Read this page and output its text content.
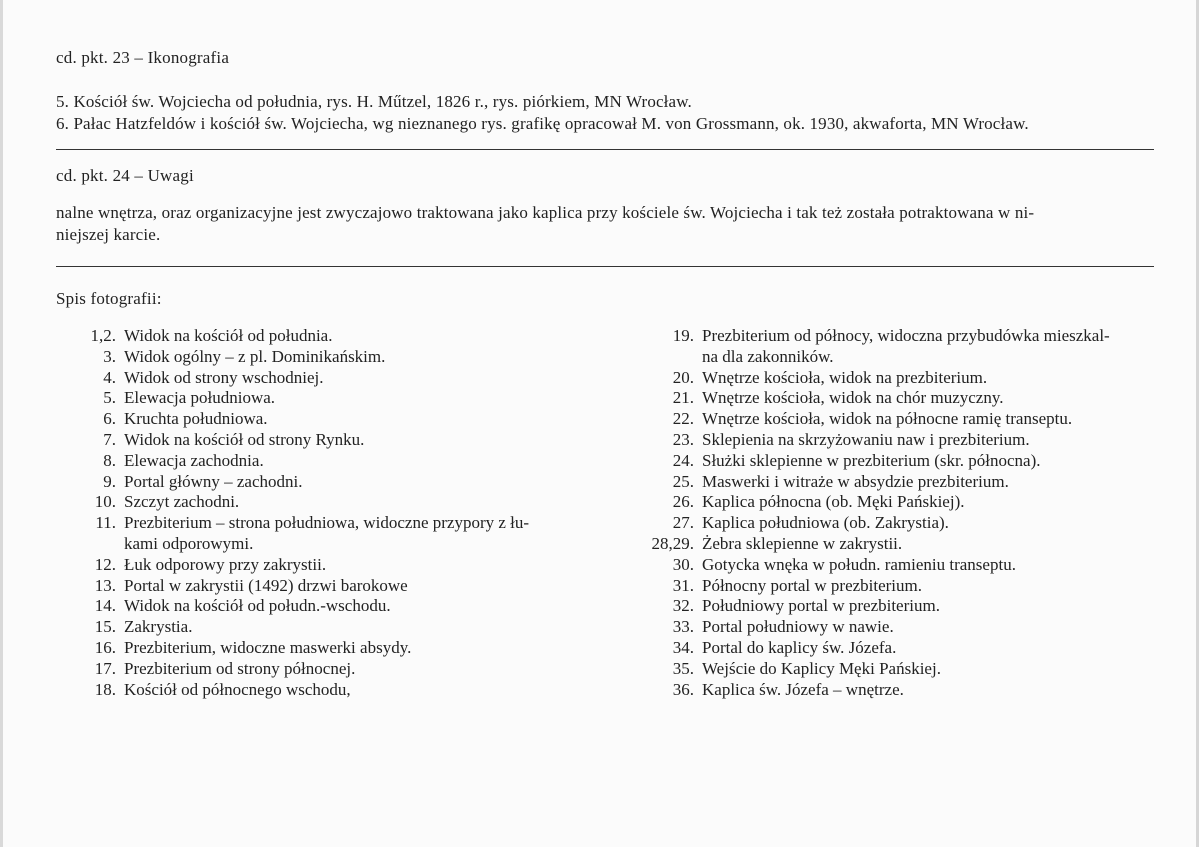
cd. pkt. 23 – Ikonografia
5. Kościół św. Wojciecha od południa, rys. H. Műtzel, 1826 r., rys. piórkiem, MN Wrocław.
6. Pałac Hatzfeldów i kościół św. Wojciecha, wg nieznanego rys. grafikę opracował M. von Grossmann, ok. 1930, akwaforta, MN Wrocław.
cd. pkt. 24 – Uwagi
nalne wnętrza, oraz organizacyjne jest zwyczajowo traktowana jako kaplica przy kościele św. Wojciecha i tak też została potraktowana w ni-
niejszej karcie.
Spis fotografii:
1,2. Widok na kościół od południa.
3. Widok ogólny – z pl. Dominikańskim.
4. Widok od strony wschodniej.
5. Elewacja południowa.
6. Kruchta południowa.
7. Widok na kościół od strony Rynku.
8. Elewacja zachodnia.
9. Portal główny – zachodni.
10. Szczyt zachodni.
11. Prezbiterium – strona południowa, widoczne przypory z łu-
kami odporowymi.
12. Łuk odporowy przy zakrystii.
13. Portal w zakrystii (1492) drzwi barokowe
14. Widok na kościół od połudn.-wschodu.
15. Zakrystia.
16. Prezbiterium, widoczne maswerki absydy.
17. Prezbiterium od strony północnej.
18. Kościół od północnego wschodu,
19. Prezbiterium od północy, widoczna przybudówka mieszkal-
na dla zakonników.
20. Wnętrze kościoła, widok na prezbiterium.
21. Wnętrze kościoła, widok na chór muzyczny.
22. Wnętrze kościoła, widok na północne ramię transeptu.
23. Sklepienia na skrzyżowaniu naw i prezbiterium.
24. Służki sklepienne w prezbiterium (skr. północna).
25. Maswerki i witraże w absydzie prezbiterium.
26. Kaplica północna (ob. Męki Pańskiej).
27. Kaplica południowa (ob. Zakrystia).
28,29. Żebra sklepienne w zakrystii.
30. Gotycka wnęka w połudn. ramieniu transeptu.
31. Północny portal w prezbiterium.
32. Południowy portal w prezbiterium.
33. Portal południowy w nawie.
34. Portal do kaplicy św. Józefa.
35. Wejście do Kaplicy Męki Pańskiej.
36. Kaplica św. Józefa – wnętrze.
